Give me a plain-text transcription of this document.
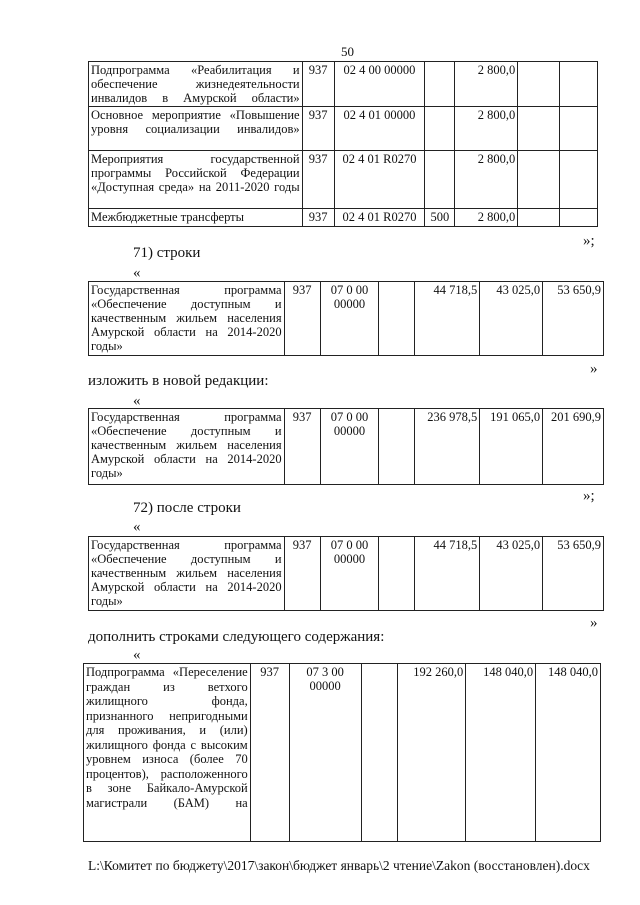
50
Подпрограмма «Реабилитация и обеспечение жизнедеятельности инвалидов в Амурской области»	937	02 4 00 00000		2 800,0		
Основное мероприятие «Повышение уровня социализации инвалидов»	937	02 4 01 00000		2 800,0		
Мероприятия государственной программы Российской Федерации «Доступная среда» на 2011-2020 годы	937	02 4 01 R0270		2 800,0		
Межбюджетные трансферты	937	02 4 01 R0270	500	2 800,0		
»;
71) строки
«
Государственная программа «Обеспечение доступным и качественным жильем населения Амурской области на 2014-2020 годы»	937	07 0 00 00000		44 718,5	43 025,0	53 650,9
»
изложить в новой редакции:
«
Государственная программа «Обеспечение доступным и качественным жильем населения Амурской области на 2014-2020 годы»	937	07 0 00 00000		236 978,5	191 065,0	201 690,9
»;
72) после строки
«
Государственная программа «Обеспечение доступным и качественным жильем населения Амурской области на 2014-2020 годы»	937	07 0 00 00000		44 718,5	43 025,0	53 650,9
»
дополнить строками следующего содержания:
«
Подпрограмма «Переселение граждан из ветхого жилищного фонда, признанного непригодными для проживания, и (или) жилищного фонда с высоким уровнем износа (более 70 процентов), расположенного в зоне Байкало-Амурской магистрали (БАМ) на	937	07 3 00 00000		192 260,0	148 040,0	148 040,0
L:\Комитет по бюджету\2017\закон\бюджет январь\2 чтение\Zakon (восстановлен).docx
